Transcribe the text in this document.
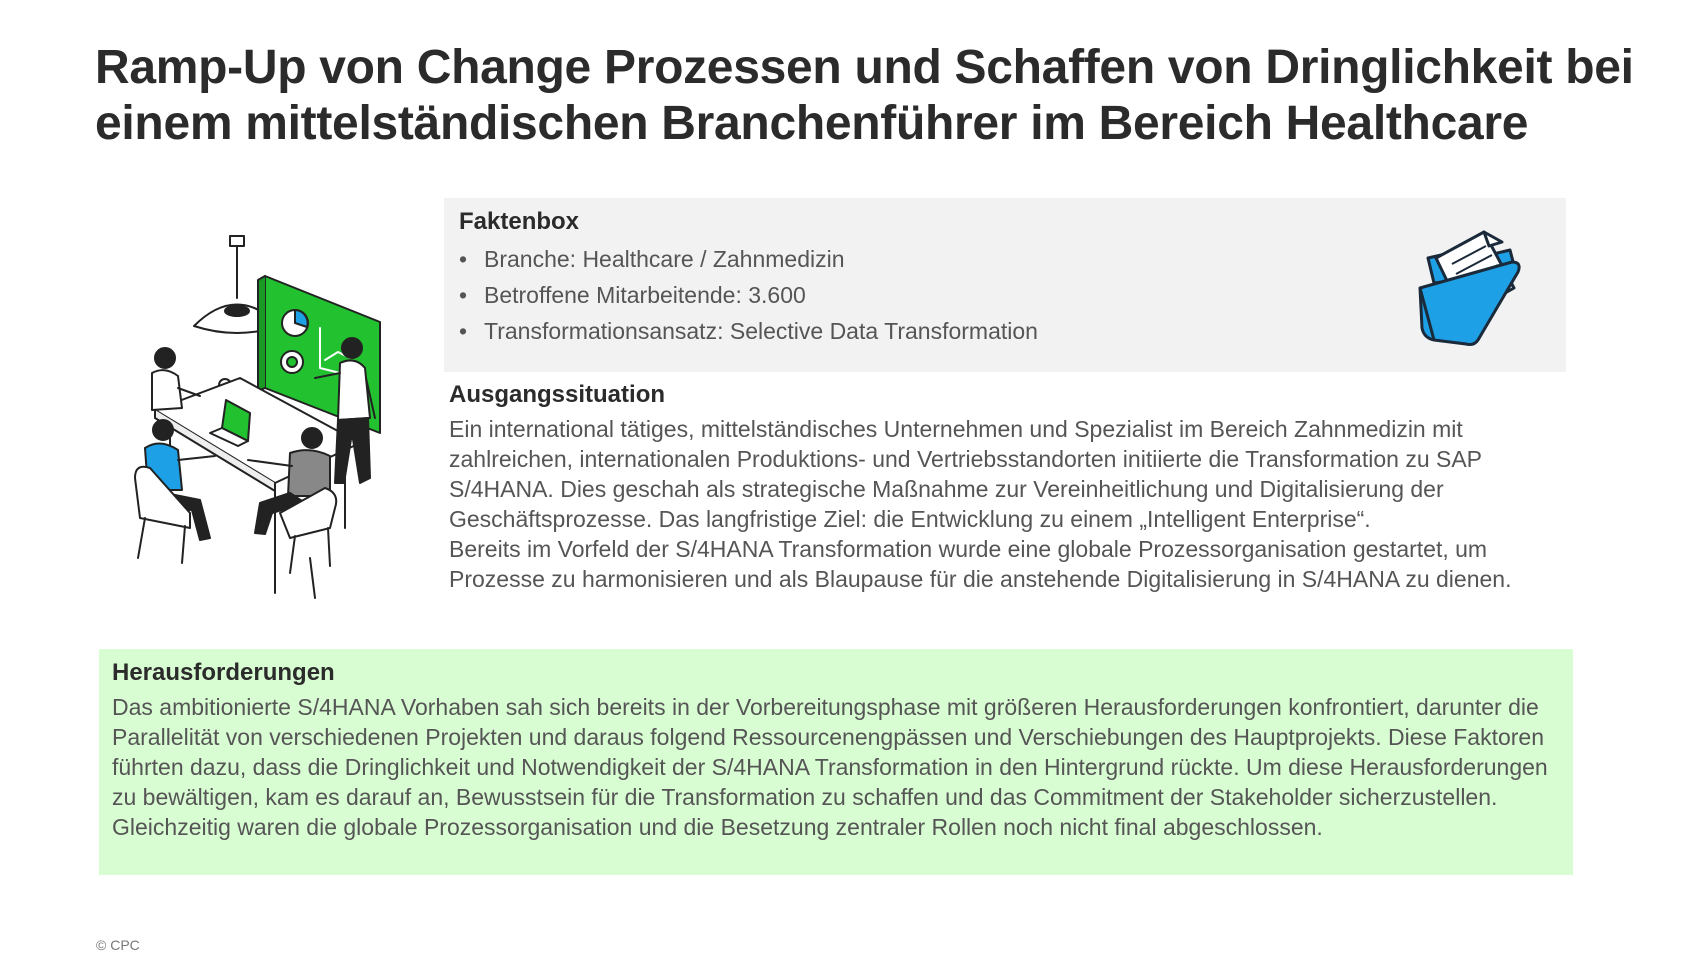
Ramp-Up von Change Prozessen und Schaffen von Dringlichkeit bei
einem mittelständischen Branchenführer im Bereich Healthcare
Faktenbox
• Branche: Healthcare / Zahnmedizin
• Betroffene Mitarbeitende: 3.600
• Transformationsansatz: Selective Data Transformation
Ausgangssituation

Ein international tätiges, mittelständisches Unternehmen und Spezialist im Bereich Zahnmedizin mit zahlreichen, internationalen Produktions- und Vertriebsstandorten initiierte die Transformation zu SAP S/4HANA. Dies geschah als strategische Maßnahme zur Vereinheitlichung und Digitalisierung der Geschäftsprozesse. Das langfristige Ziel: die Entwicklung zu einem „Intelligent Enterprise“.

Bereits im Vorfeld der S/4HANA Transformation wurde eine globale Prozessorganisation gestartet, um Prozesse zu harmonisieren und als Blaupause für die anstehende Digitalisierung in S/4HANA zu dienen.

Herausforderungen

Das ambitionierte S/4HANA Vorhaben sah sich bereits in der Vorbereitungsphase mit größeren Herausforderungen konfrontiert, darunter die Parallelität von verschiedenen Projekten und daraus folgend Ressourcenengpässen und Verschiebungen des Hauptprojekts. Diese Faktoren führten dazu, dass die Dringlichkeit und Notwendigkeit der S/4HANA Transformation in den Hintergrund rückte. Um diese Herausforderungen zu bewältigen, kam es darauf an, Bewusstsein für die Transformation zu schaffen und das Commitment der Stakeholder sicherzustellen. Gleichzeitig waren die globale Prozessorganisation und die Besetzung zentraler Rollen noch nicht final abgeschlossen.

© CPC
